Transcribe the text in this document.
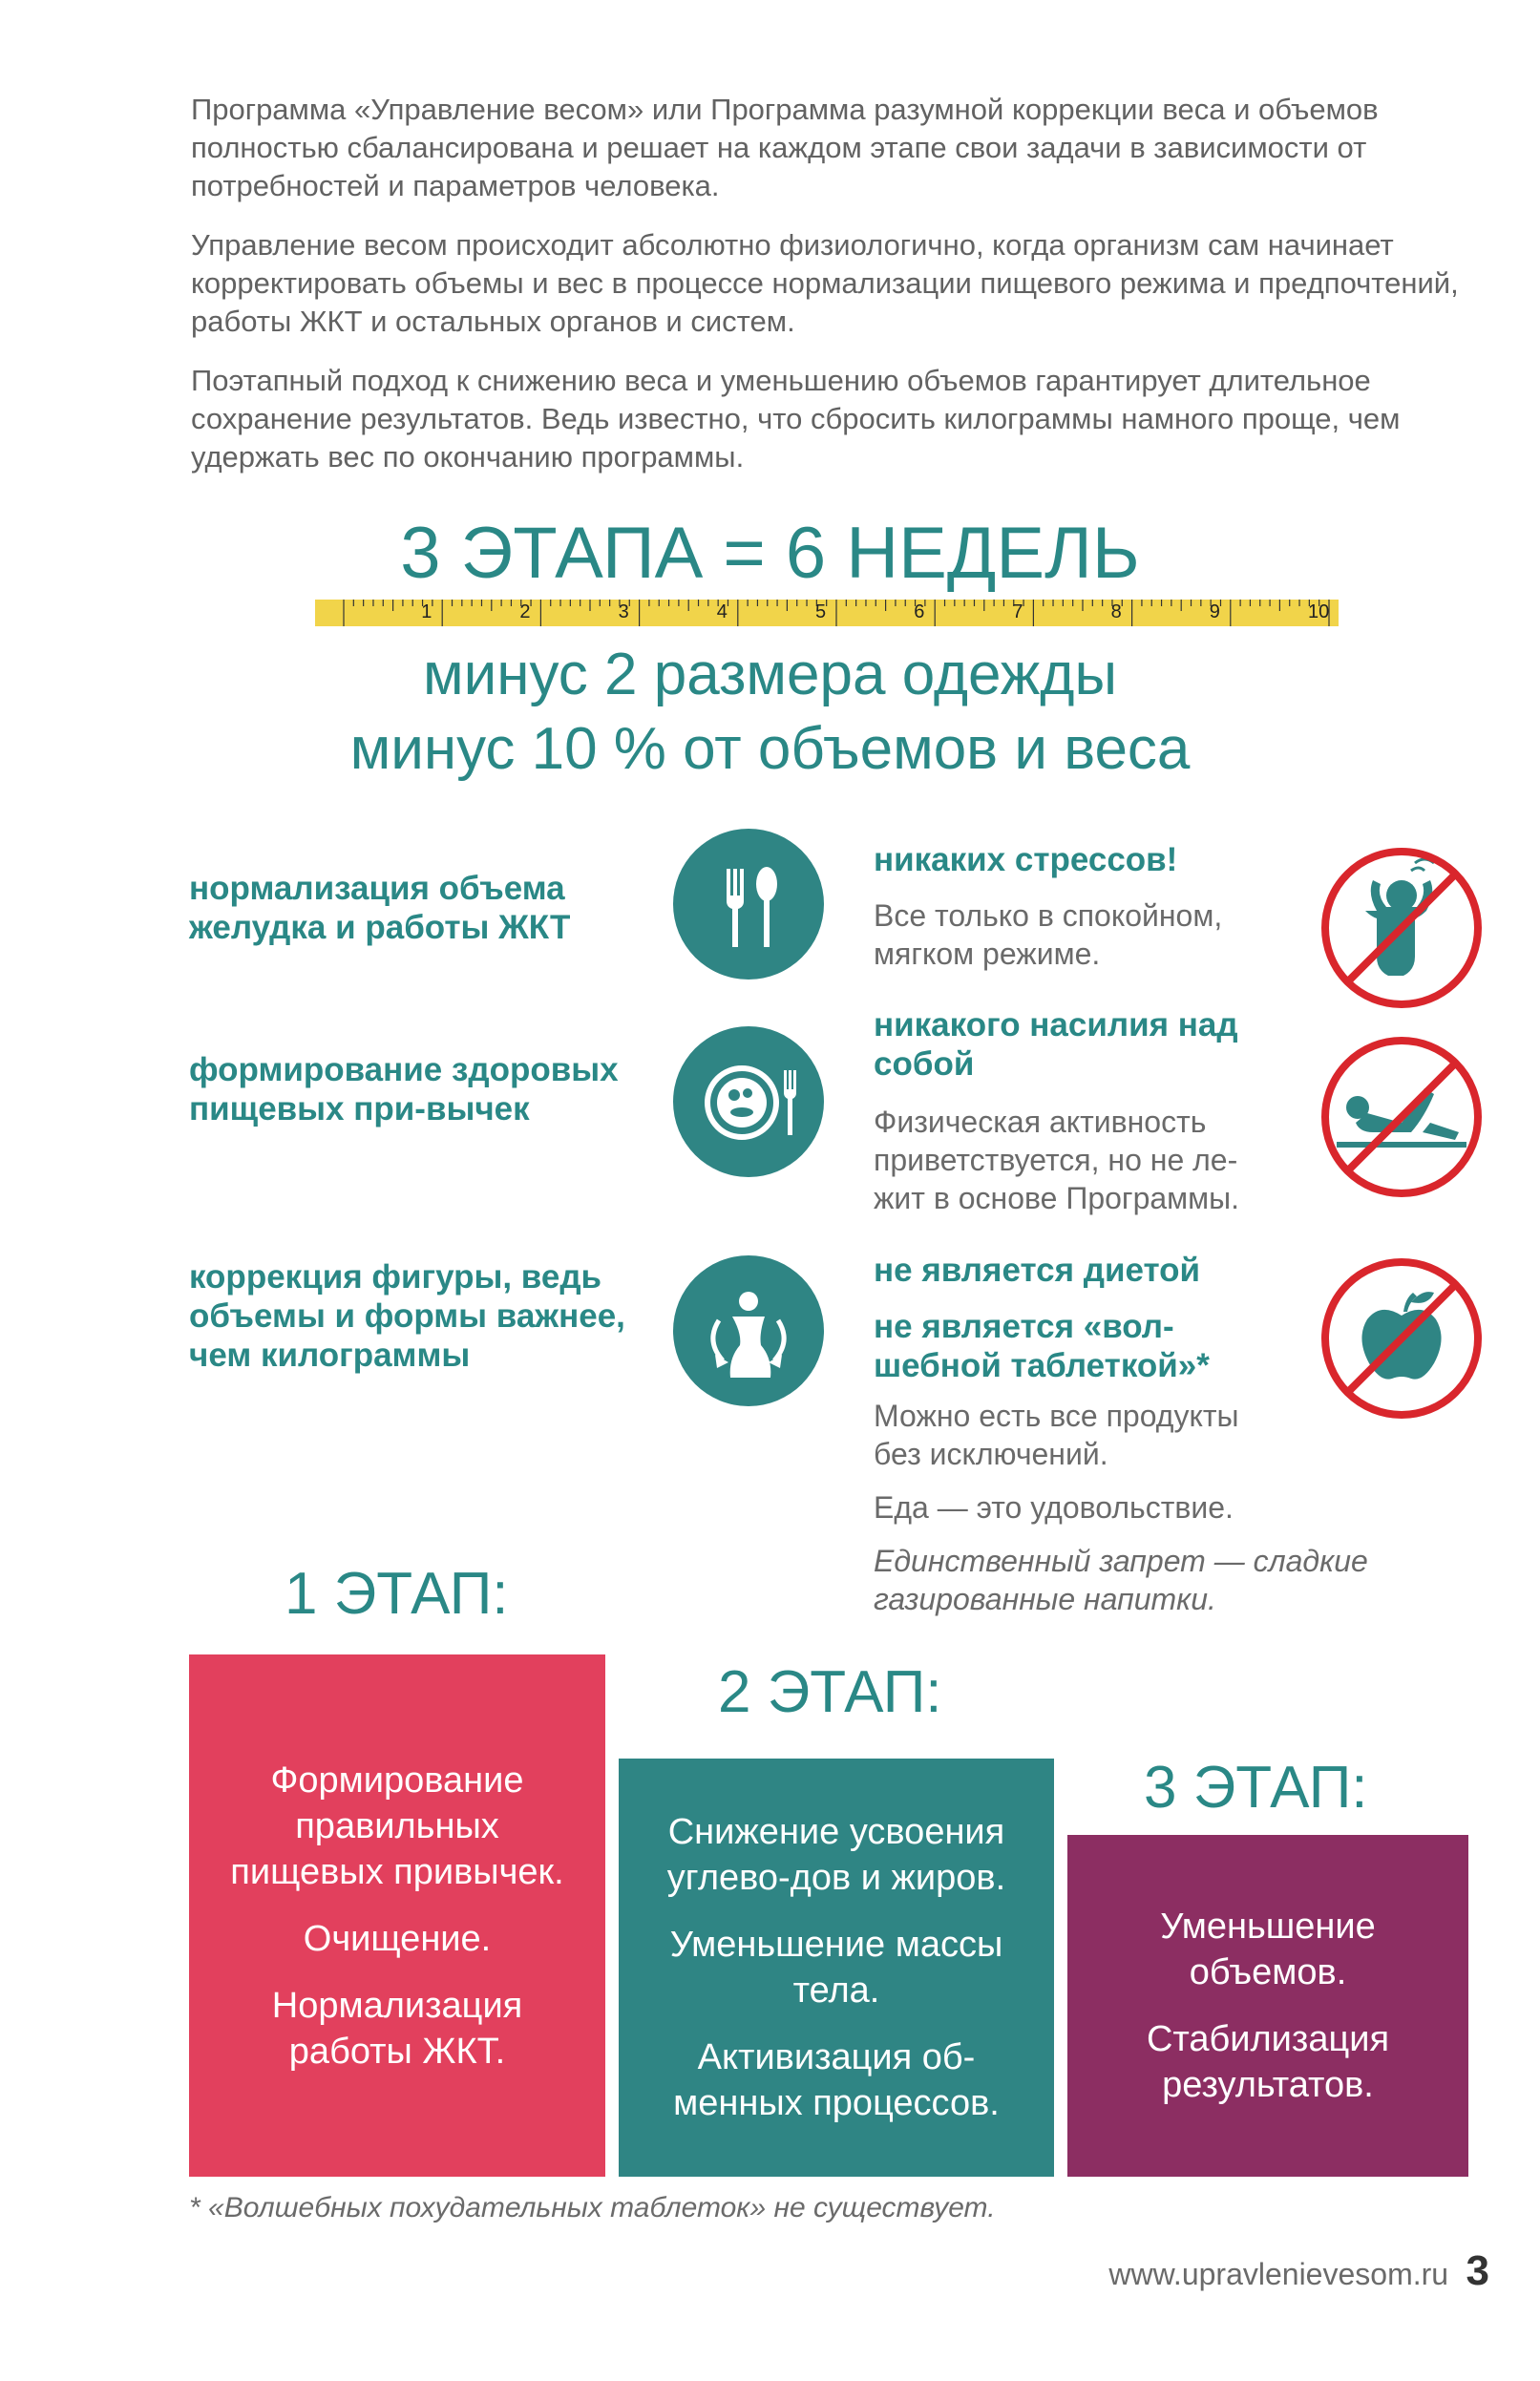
Программа «Управление весом» или Программа разумной коррекции веса и объемов полностью сбалансирована и решает на каждом этапе свои задачи в зависимости от потребностей и параметров человека.

Управление весом происходит абсолютно физиологично, когда организм сам начинает корректировать объемы и вес в процессе нормализации пищевого режима и предпочтений, работы ЖКТ и остальных органов и систем.

Поэтапный подход к снижению веса и уменьшению объемов гарантирует длительное сохранение результатов. Ведь известно, что сбросить килограммы намного проще, чем удержать вес по окончанию программы.

3 ЭТАПА = 6 НЕДЕЛЬ
1	2	3	4	5	6	7	8	9	10
минус 2 размера одежды
минус 10 % от объемов и веса
нормализация объема желудка и работы ЖКТ
формирование здоровых пищевых при-вычек
коррекция фигуры, ведь объемы и формы важнее, чем килограммы

никаких стрессов!

Все только в спокойном, мягком режиме.

никакого насилия над собой

Физическая активность приветствуется, но не ле-жит в основе Программы.

не является диетой

не является «вол-шебной таблеткой»*

Можно есть все продукты без исключений.

Еда — это удовольствие.

Единственный запрет — сладкие газированные напитки.

1 ЭТАП:
2 ЭТАП:
3 ЭТАП:

Формирование правильных пищевых привычек.

Очищение.

Нормализация работы ЖКТ.

Снижение усвоения углево-дов и жиров.

Уменьшение массы тела.

Активизация об-менных процессов.

Уменьшение объемов.

Стабилизация результатов.

* «Волшебных похудательных таблеток» не существует.
www.upravlenievesom.ru 3
